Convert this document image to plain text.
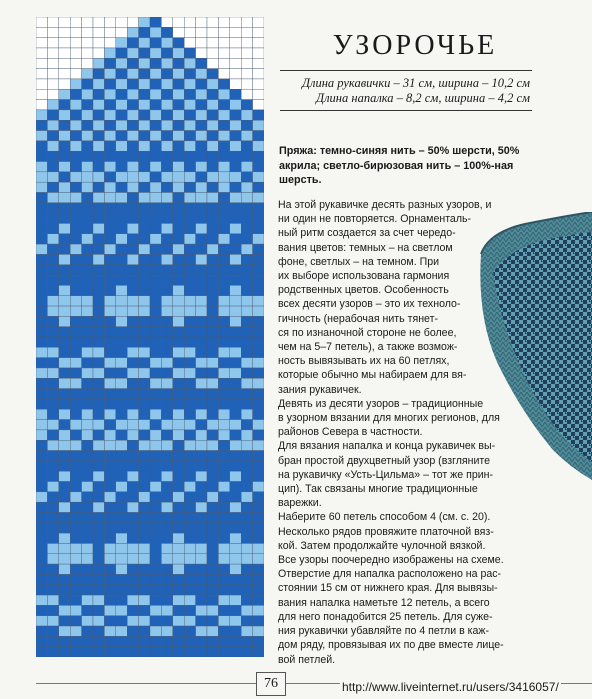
УЗОРОЧЬЕ
Длина рукавички – 31 см, ширина – 10,2 см
Длина напалка – 8,2 см, ширина – 4,2 см
Пряжа: темно-синяя нить – 50% шерсти, 50%
акрила; светло-бирюзовая нить – 100%-ная
шерсть.

На этой рукавичке десять разных узоров, и
ни один не повторяется. Орнаменталь-
ный ритм создается за счет чередо-
вания цветов: темных – на светлом
фоне, светлых – на темном. При
их выборе использована гармония
родственных цветов. Особенность
всех десяти узоров – это их техноло-
гичность (нерабочая нить тянет-
ся по изнаночной стороне не более,
чем на 5–7 петель), а также возмож-
ность вывязывать их на 60 петлях,
которые обычно мы набираем для вя-
зания рукавичек.

Девять из десяти узоров – традиционные
в узорном вязании для многих регионов, для
районов Севера в частности.

Для вязания напалка и конца рукавичек вы-
бран простой двухцветный узор (взгляните
на рукавичку «Усть-Цильма» – тот же прин-
цип). Так связаны многие традиционные
варежки.

Наберите 60 петель способом 4 (см. с. 20).
Несколько рядов провяжите платочной вяз-
кой. Затем продолжайте чулочной вязкой.
Все узоры поочередно изображены на схеме.
Отверстие для напалка расположено на рас-
стоянии 15 см от нижнего края. Для вывязы-
вания напалка наметьте 12 петель, а всего
для него понадобится 25 петель. Для суже-
ния рукавички убавляйте по 4 петли в каж-
дом ряду, провязывая их по две вместе лице-
вой петлей.

76	http://www.liveinternet.ru/users/3416057/
